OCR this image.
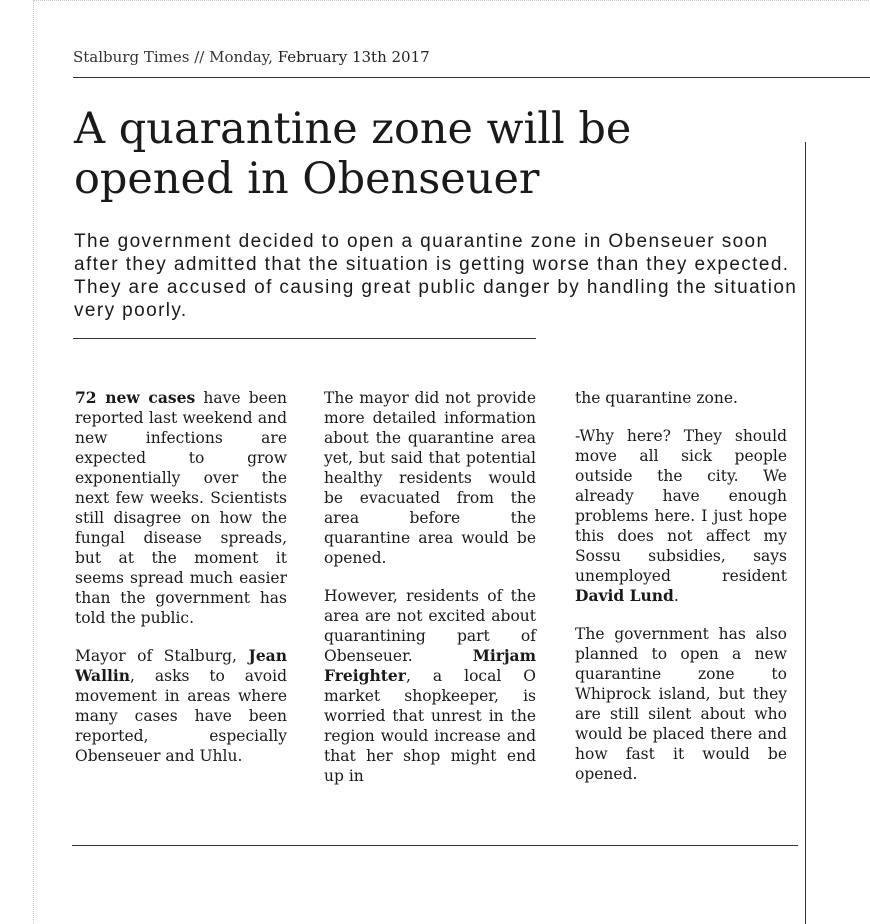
Stalburg Times // Monday, February 13th 2017
A quarantine zone will be opened in Obenseuer

The government decided to open a quarantine zone in Obenseuer soon after they admitted that the situation is getting worse than they expected. They are accused of causing great public danger by handling the situation very poorly.

72 new cases have been reported last weekend and new infections are expected to grow exponentially over the next few weeks. Scientists still disagree on how the fungal disease spreads, but at the moment it seems spread much easier than the government has told the public.

Mayor of Stalburg, Jean Wallin, asks to avoid movement in areas where many cases have been reported, especially Obenseuer and Uhlu.

The mayor did not provide more detailed information about the quarantine area yet, but said that potential healthy residents would be evacuated from the area before the quarantine area would be opened.

However, residents of the area are not excited about quarantining part of Obenseuer. Mirjam Freighter, a local O market shopkeeper, is worried that unrest in the region would increase and that her shop might end up in

the quarantine zone.

-Why here? They should move all sick people outside the city. We already have enough problems here. I just hope this does not affect my Sossu subsidies, says unemployed resident David Lund.

The government has also planned to open a new quarantine zone to Whiprock island, but they are still silent about who would be placed there and how fast it would be opened.
